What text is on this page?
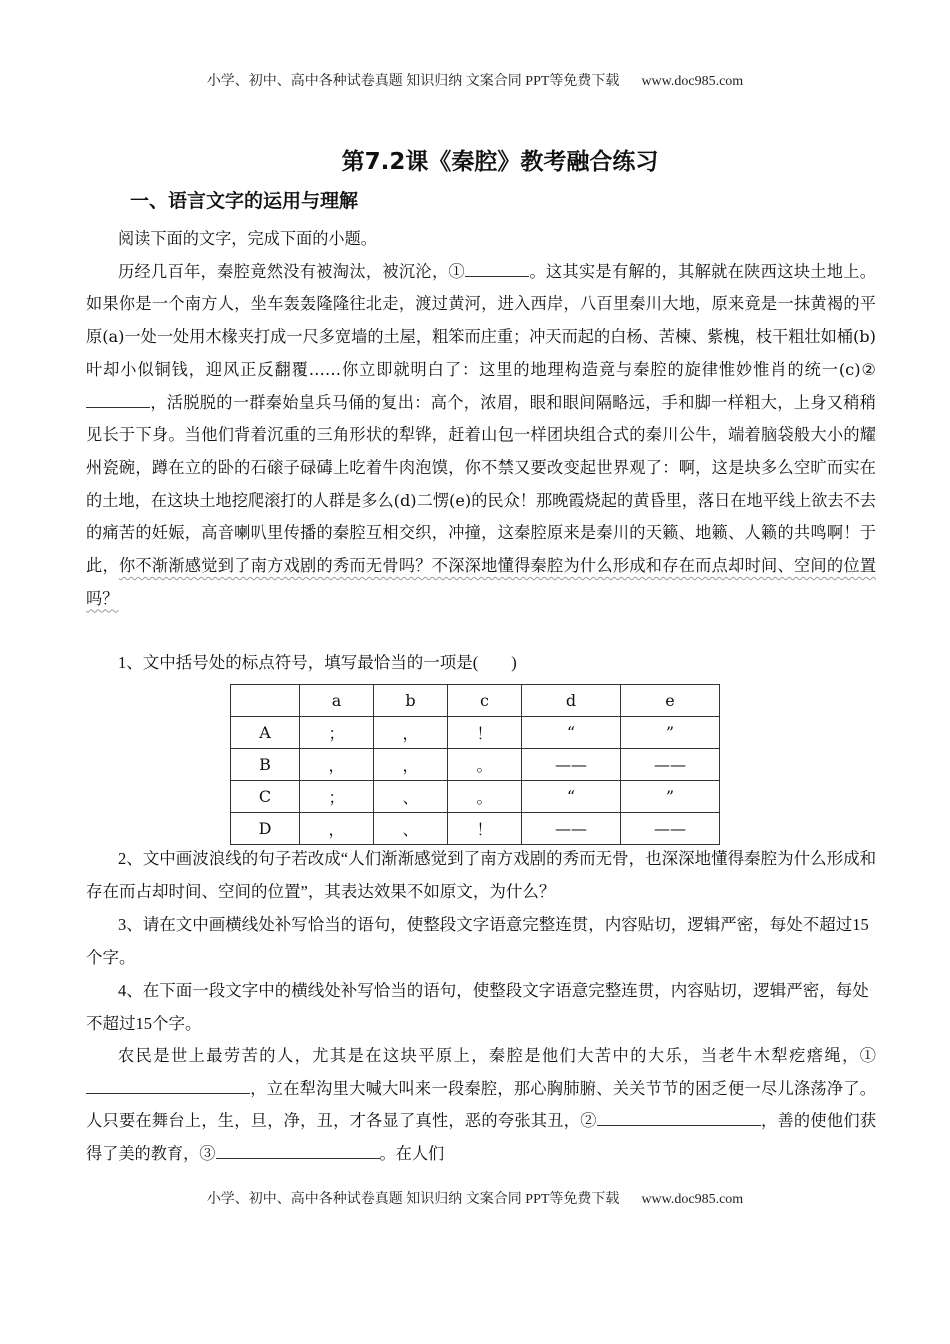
小学、初中、高中各种试卷真题 知识归纳 文案合同 PPT等免费下载 www.doc985.com
第7.2课《秦腔》教考融合练习
一、语言文字的运用与理解

阅读下面的文字，完成下面的小题。

历经几百年，秦腔竟然没有被淘汰，被沉沦，①	。这其实是有解的，其解就在陕西这块土地上。如果你是一个南方人，坐车轰轰隆隆往北走，渡过黄河，进入西岸，八百里秦川大地，原来竟是一抹黄褐的平原(a)一处一处用木椽夹打成一尺多宽墙的土屋，粗笨而庄重；冲天而起的白杨、苦楝、紫槐，枝干粗壮如桶(b)叶却小似铜钱，迎风正反翻覆……你立即就明白了：这里的地理构造竟与秦腔的旋律惟妙惟肖的统一(c)②，活脱脱的一群秦始皇兵马俑的复出：高个，浓眉，眼和眼间隔略远，手和脚一样粗大，上身又稍稍见长于下身。当他们背着沉重的三角形状的犁铧，赶着山包一样团块组合式的秦川公牛，端着脑袋般大小的耀州瓷碗，蹲在立的卧的石磙子碌碡上吃着牛肉泡馍，你不禁又要改变起世界观了：啊，这是块多么空旷而实在的土地，在这块土地挖爬滚打的人群是多么(d)二愣(e)的民众！那晚霞烧起的黄昏里，落日在地平线上欲去不去的痛苦的妊娠，高音喇叭里传播的秦腔互相交织，冲撞，这秦腔原来是秦川的天籁、地籁、人籁的共鸣啊！于此，你不渐渐感觉到了南方戏剧的秀而无骨吗？不深深地懂得秦腔为什么形成和存在而点却时间、空间的位置吗？

1、文中括号处的标点符号，填写最恰当的一项是(　　)

	a	b	c	d	e
A	；	，	！	“	”
B	，	，	。	——	——
C	；	、	。	“	”
D	，	、	！	——	——

2、文中画波浪线的句子若改成“人们渐渐感觉到了南方戏剧的秀而无骨，也深深地懂得秦腔为什么形成和存在而占却时间、空间的位置”，其表达效果不如原文，为什么？

3、请在文中画横线处补写恰当的语句，使整段文字语意完整连贯，内容贴切，逻辑严密，每处不超过15个字。

4、在下面一段文字中的横线处补写恰当的语句，使整段文字语意完整连贯，内容贴切，逻辑严密，每处不超过15个字。

农民是世上最劳苦的人，尤其是在这块平原上，秦腔是他们大苦中的大乐，当老牛木犁疙瘩绳，①，立在犁沟里大喊大叫来一段秦腔，那心胸肺腑、关关节节的困乏便一尽儿涤荡净了。人只要在舞台上，生，旦，净，丑，才各显了真性，恶的夸张其丑，②	，善的使他们获得了美的教育，③	。在人们

小学、初中、高中各种试卷真题 知识归纳 文案合同 PPT等免费下载 www.doc985.com
